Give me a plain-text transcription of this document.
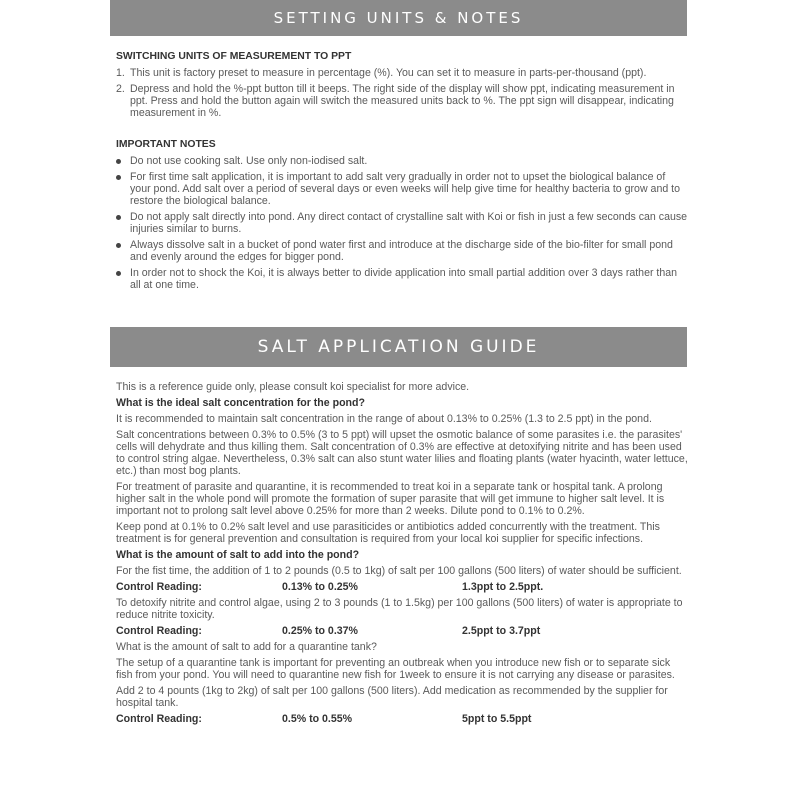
SETTING UNITS & NOTES
SWITCHING UNITS OF MEASUREMENT TO PPT
1. This unit is factory preset to measure in percentage (%). You can set it to measure in parts-per-thousand (ppt).
2. Depress and hold the %-ppt button till it beeps. The right side of the display will show ppt, indicating measurement in ppt. Press and hold the button again will switch the measured units back to %. The ppt sign will disappear, indicating measurement in %.
IMPORTANT NOTES
Do not use cooking salt. Use only non-iodised salt.
For first time salt application, it is important to add salt very gradually in order not to upset the biological balance of your pond. Add salt over a period of several days or even weeks will help give time for healthy bacteria to grow and to restore the biological balance.
Do not apply salt directly into pond. Any direct contact of crystalline salt with Koi or fish in just a few seconds can cause injuries similar to burns.
Always dissolve salt in a bucket of pond water first and introduce at the discharge side of the bio-filter for small pond and evenly around the edges for bigger pond.
In order not to shock the Koi, it is always better to divide application into small partial addition over 3 days rather than all at one time.
SALT APPLICATION GUIDE
This is a reference guide only, please consult koi specialist for more advice.
What is the ideal salt concentration for the pond?
It is recommended to maintain salt concentration in the range of about 0.13% to 0.25% (1.3 to 2.5 ppt) in the pond.
Salt concentrations between 0.3% to 0.5% (3 to 5 ppt) will upset the osmotic balance of some parasites i.e. the parasites' cells will dehydrate and thus killing them. Salt concentration of 0.3% are effective at detoxifying nitrite and has been used to control string algae. Nevertheless, 0.3% salt can also stunt water lilies and floating plants (water hyacinth, water lettuce, etc.) than most bog plants.
For treatment of parasite and quarantine, it is recommended to treat koi in a separate tank or hospital tank. A prolong higher salt in the whole pond will promote the formation of super parasite that will get immune to higher salt level. It is important not to prolong salt level above 0.25% for more than 2 weeks. Dilute pond to 0.1% to 0.2%.
Keep pond at 0.1% to 0.2% salt level and use parasiticides or antibiotics added concurrently with the treatment. This treatment is for general prevention and consultation is required from your local koi supplier for specific infections.
What is the amount of salt to add into the pond?
For the fist time, the addition of 1 to 2 pounds (0.5 to 1kg) of salt per 100 gallons (500 liters) of water should be sufficient.
Control Reading:	0.13% to 0.25%	1.3ppt to 2.5ppt.
To detoxify nitrite and control algae, using 2 to 3 pounds (1 to 1.5kg) per 100 gallons (500 liters) of water is appropriate to reduce nitrite toxicity.
Control Reading:	0.25% to 0.37%	2.5ppt to 3.7ppt
What is the amount of salt to add for a quarantine tank?
The setup of a quarantine tank is important for preventing an outbreak when you introduce new fish or to separate sick fish from your pond. You will need to quarantine new fish for 1week to ensure it is not carrying any disease or parasites.
Add 2 to 4 pounts (1kg to 2kg) of salt per 100 gallons (500 liters). Add medication as recommended by the supplier for hospital tank.
Control Reading:	0.5% to 0.55%	5ppt to 5.5ppt
